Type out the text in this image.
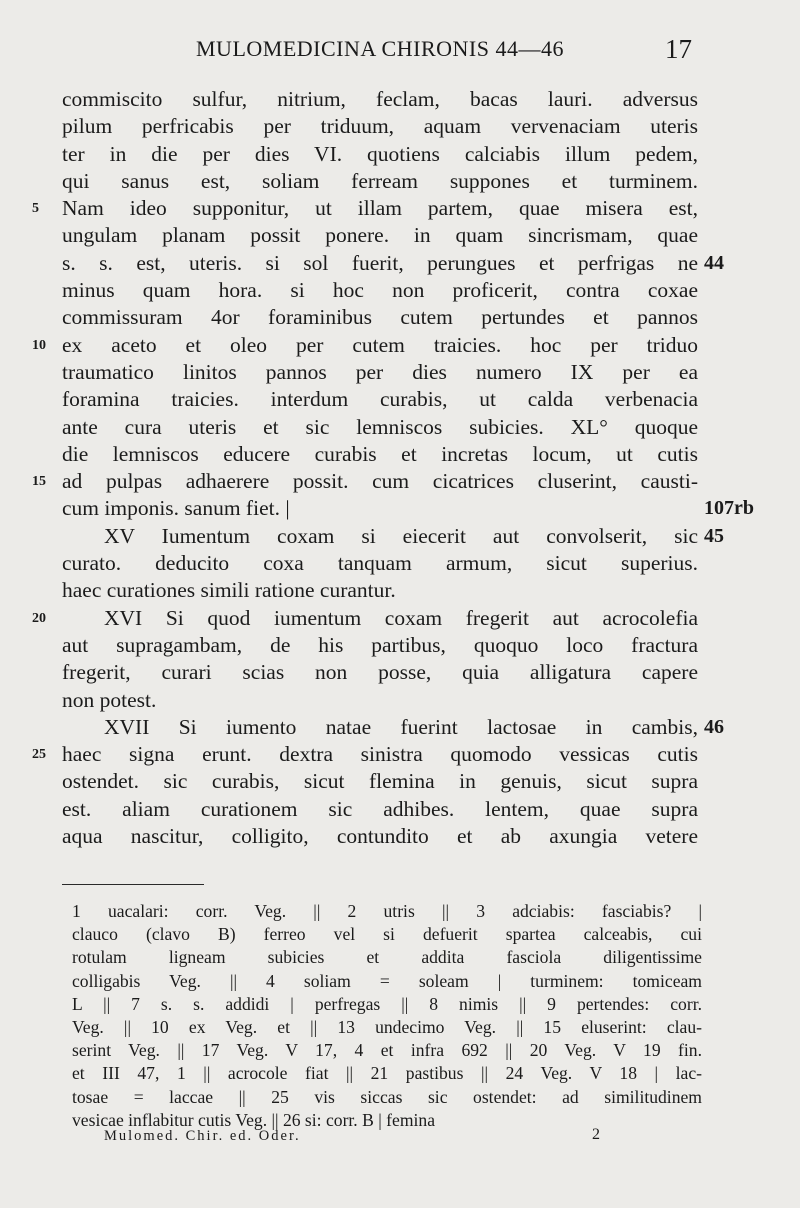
MULOMEDICINA CHIRONIS 44—46	17
commiscito sulfur, nitrium, feclam, bacas lauri. adversus
pilum perfricabis per triduum, aquam vervenaciam uteris
ter in die per dies VI. quotiens calciabis illum pedem,
qui sanus est, soliam ferream suppones et turminem.
Nam ideo supponitur, ut illam partem, quae misera est,
5
ungulam planam possit ponere. in quam sincrismam, quae
s. s. est, uteris. si sol fuerit, perungues et perfrigas ne 44
minus quam hora. si hoc non proficerit, contra coxae
commissuram 4or foraminibus cutem pertundes et pannos
ex aceto et oleo per cutem traicies. hoc per triduo
10
traumatico linitos pannos per dies numero IX per ea
foramina traicies. interdum curabis, ut calda verbenacia
ante cura uteris et sic lemniscos subicies. XL° quoque
die lemniscos educere curabis et incretas locum, ut cutis
ad pulpas adhaerere possit. cum cicatrices cluserint, causti-
15
cum imponis. sanum fiet. |	107rb
XV Iumentum coxam si eiecerit aut convolserit, sic 45
curato. deducito coxa tanquam armum, sicut superius.
haec curationes simili ratione curantur.
XVI Si quod iumentum coxam fregerit aut acrocolefia
20
aut supragambam, de his partibus, quoquo loco fractura
fregerit, curari scias non posse, quia alligatura capere
non potest.
XVII Si iumento natae fuerint lactosae in cambis, 46
haec signa erunt. dextra sinistra quomodo vessicas cutis
25
ostendet. sic curabis, sicut flemina in genuis, sicut supra
est. aliam curationem sic adhibes. lentem, quae supra
aqua nascitur, colligito, contundito et ab axungia vetere
1 uacalari: corr. Veg. || 2 utris || 3 adciabis: fasciabis? |
clauco (clavo B) ferreo vel si defuerit spartea calceabis, cui
rotulam ligneam subicies et addita fasciola diligentissime
colligabis Veg. || 4 soliam = soleam | turminem: tomiceam
L || 7 s. s. addidi | perfregas || 8 nimis || 9 pertendes: corr.
Veg. || 10 ex Veg. et || 13 undecimo Veg. || 15 eluserint: clau-
serint Veg. || 17 Veg. V 17, 4 et infra 692 || 20 Veg. V 19 fin.
et III 47, 1 || acrocole fiat || 21 pastibus || 24 Veg. V 18 | lac-
tosae = laccae || 25 vis siccas sic ostendet: ad similitudinem
vesicae inflabitur cutis Veg. || 26 si: corr. B | femina
Mulomed. Chir. ed. Oder.	2
